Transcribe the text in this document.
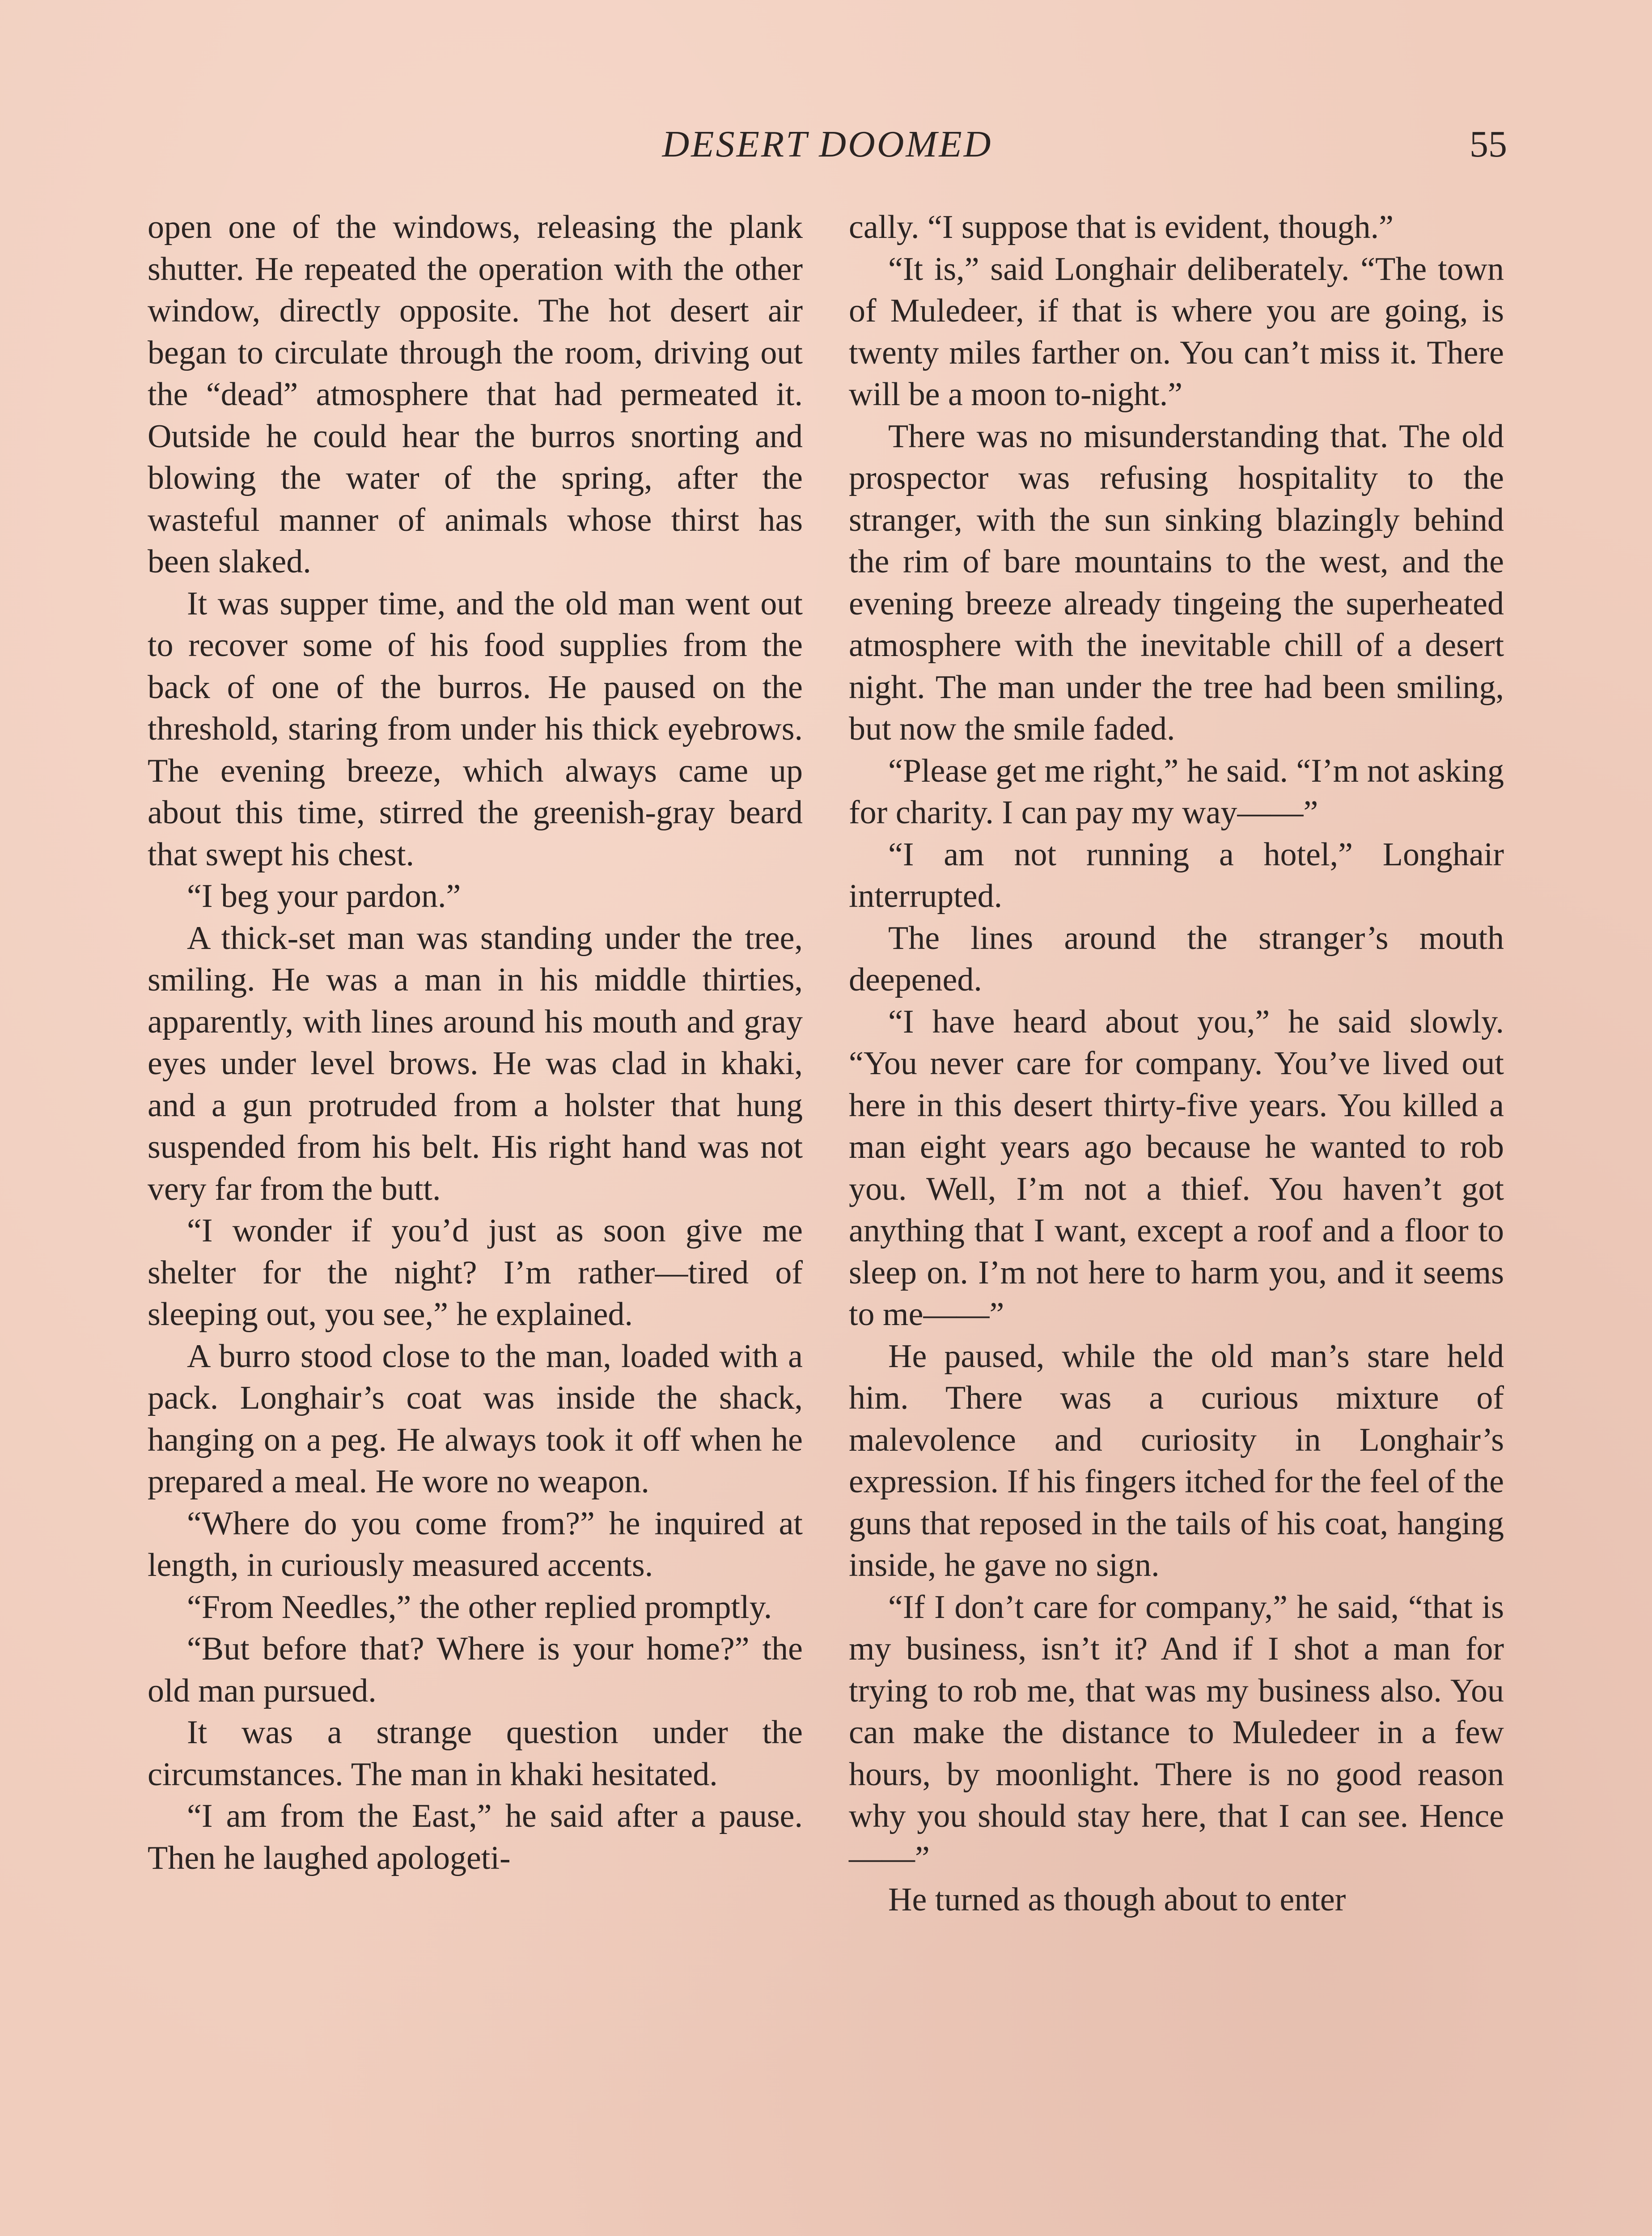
DESERT DOOMED	55

open one of the windows, releasing the plank shutter. He repeated the operation with the other window, directly opposite. The hot desert air began to circulate through the room, driving out the “dead” atmosphere that had permeated it. Outside he could hear the burros snorting and blowing the water of the spring, after the wasteful manner of animals whose thirst has been slaked.

It was supper time, and the old man went out to recover some of his food supplies from the back of one of the burros. He paused on the threshold, staring from under his thick eyebrows. The evening breeze, which always came up about this time, stirred the greenish-gray beard that swept his chest.

“I beg your pardon.”

A thick-set man was standing under the tree, smiling. He was a man in his middle thirties, apparently, with lines around his mouth and gray eyes under level brows. He was clad in khaki, and a gun protruded from a holster that hung suspended from his belt. His right hand was not very far from the butt.

“I wonder if you’d just as soon give me shelter for the night? I’m rather—tired of sleeping out, you see,” he explained.

A burro stood close to the man, loaded with a pack. Longhair’s coat was inside the shack, hanging on a peg. He always took it off when he prepared a meal. He wore no weapon.

“Where do you come from?” he inquired at length, in curiously measured accents.

“From Needles,” the other replied promptly.

“But before that? Where is your home?” the old man pursued.

It was a strange question under the circumstances. The man in khaki hesitated.

“I am from the East,” he said after a pause. Then he laughed apologeti-

cally. “I suppose that is evident, though.”

“It is,” said Longhair deliberately. “The town of Muledeer, if that is where you are going, is twenty miles farther on. You can’t miss it. There will be a moon to-night.”

There was no misunderstanding that. The old prospector was refusing hospitality to the stranger, with the sun sinking blazingly behind the rim of bare mountains to the west, and the evening breeze already tingeing the superheated atmosphere with the inevitable chill of a desert night. The man under the tree had been smiling, but now the smile faded.

“Please get me right,” he said. “I’m not asking for charity. I can pay my way——”

“I am not running a hotel,” Longhair interrupted.

The lines around the stranger’s mouth deepened.

“I have heard about you,” he said slowly. “You never care for company. You’ve lived out here in this desert thirty-five years. You killed a man eight years ago because he wanted to rob you. Well, I’m not a thief. You haven’t got anything that I want, except a roof and a floor to sleep on. I’m not here to harm you, and it seems to me——”

He paused, while the old man’s stare held him. There was a curious mixture of malevolence and curiosity in Longhair’s expression. If his fingers itched for the feel of the guns that reposed in the tails of his coat, hanging inside, he gave no sign.

“If I don’t care for company,” he said, “that is my business, isn’t it? And if I shot a man for trying to rob me, that was my business also. You can make the distance to Muledeer in a few hours, by moonlight. There is no good reason why you should stay here, that I can see. Hence——”

He turned as though about to enter
